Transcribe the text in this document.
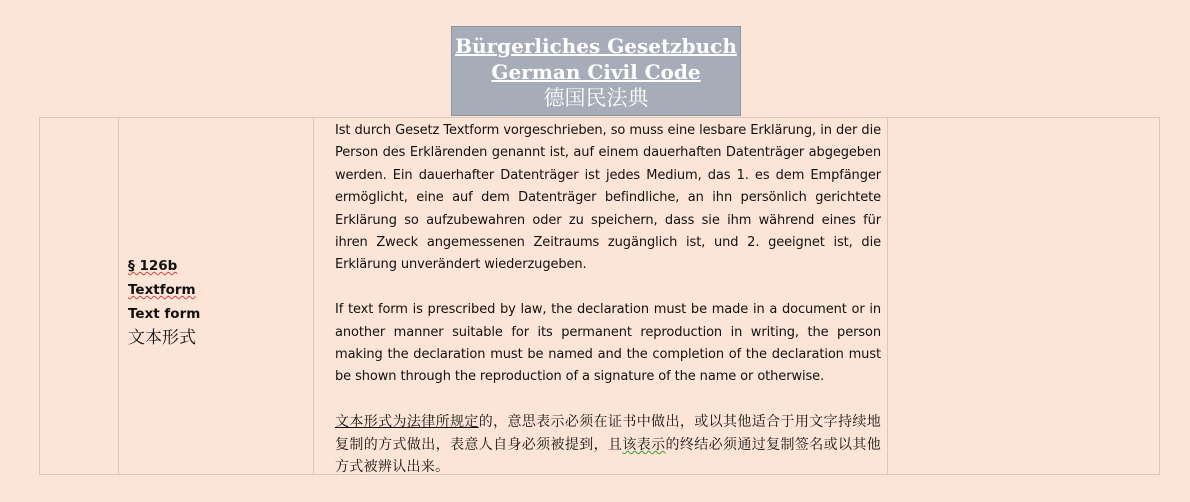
Bürgerliches Gesetzbuch
German Civil Code
德国民法典
§ 126b
Textform
Text form
文本形式

Ist durch Gesetz Textform vorgeschrieben, so muss eine lesbare Erklärung, in der die Person des Erklärenden genannt ist, auf einem dauerhaften Datenträger abgegeben werden. Ein dauerhafter Datenträger ist jedes Medium, das 1. es dem Empfänger ermöglicht, eine auf dem Datenträger befindliche, an ihn persönlich gerichtete Erklärung so aufzubewahren oder zu speichern, dass sie ihm während eines für ihren Zweck angemessenen Zeitraums zugänglich ist, und 2. geeignet ist, die Erklärung unverändert wiederzugeben.

If text form is prescribed by law, the declaration must be made in a document or in another manner suitable for its permanent reproduction in writing, the person making the declaration must be named and the completion of the declaration must be shown through the reproduction of a signature of the name or otherwise.

文本形式为法律所规定的，意思表示必须在证书中做出，或以其他适合于用文字持续地复制的方式做出，表意人自身必须被提到，且该表示的终结必须通过复制签名或以其他方式被辨认出来。
